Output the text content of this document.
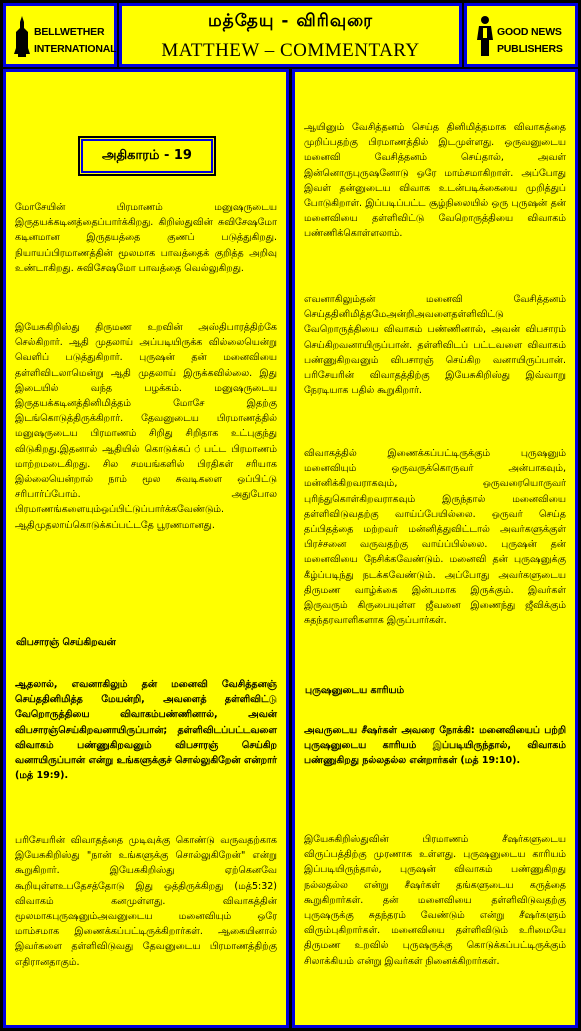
BELLWETHER
INTERNATIONAL
மத்தேயு - விரிவுரை
MATTHEW – COMMENTARY
GOOD NEWS
PUBLISHERS
அதிகாரம் - 19

மோசேயின் பிரமாணம் மனுஷருடைய இருதயக்கடினத்தைப்பார்க்கிறது. கிறிஸ்துவின் சுவிசேஷமோ கடினமான இருதயத்தை குணப் படுத்துகிறது. நியாயப்பிரமாணத்தின் மூலமாக பாவத்தைக் குறித்த அறிவு உண்டாகிறது. சுவிசேஷமோ பாவத்தை வெல்லுகிறது.

இயேசுகிறிஸ்து திருமண உறவின் அஸ்திபாரத்திற்கே செல்கிறார். ஆதி முதலாய் அப்படியிருக்க வில்லையென்று வெளிப் படுத்துகிறார். புருஷன் தன் மனைவியை தள்ளிவிடலாமென்று ஆதி முதலாய் இருக்கவில்லை. இது இடையில் வந்த பழக்கம். மனுஷருடைய இருதயக்கடினத்தினிமித்தம் மோசே இதற்கு இடங்கொடுத்திருக்கிறார். தேவனுடைய பிரமாணத்தில் மனுஷருடைய பிரமாணம் சிறிது சிறிதாக உட்புகுந்து விடுகிறது.இதனால் ஆதியில் கொடுக்கப் ்பட்ட பிரமாணம் மாற்றமடைகிறது. சில சமயங்களில் பிரதிகள் சரியாக இல்லையென்றால் நாம் மூல சுவடிகளை ஒப்பிட்டு சரிபார்ப்போம். அதுபோல பிரமாணங்களையும்ஒப்பிட்டுப்பார்க்கவேண்டும். ஆதிமுதலாய்கொடுக்கப்பட்டதே பூரணமானது.

விபசாரஞ் செய்கிறவன்

ஆதலால், எவனாகிலும் தன் மனைவி வேசித்தனஞ் செய்ததினிமித்த மேயன்றி, அவளைத் தள்ளிவிட்டு வேறொருத்தியை விவாகம்பண்ணினால், அவன் விபசாரஞ்செய்கிறவனாயிருப்பான்; தள்ளிவிடப்பட்டவளை விவாகம் பண்ணுகிறவனும் விபசாரஞ் செய்கிற வனாயிருப்பான் என்று உங்களுக்குச் சொல்லுகிறேன் என்றார் (மத் 19:9).

பரிசேயரின் விவாதத்தை முடிவுக்கு கொண்டு வருவதற்காக இயேசுகிறிஸ்து "நான் உங்களுக்கு சொல்லுகிறேன்" என்று கூறுகிறார். இயேசுகிறிஸ்து ஏற்கெனவே கூறியுள்ளஉபதேசத்தோடு இது ஒத்திருக்கிறது (மத்5:32) விவாகம் கனமுள்ளது. விவாகத்தின் மூலமாகபுருஷனும்அவனுடைய மனைவியும் ஒரே மாம்சமாக இணைக்கப்பட்டிருக்கிறார்கள். ஆகையினால் இவர்களை தள்ளிவிடுவது தேவனுடைய பிரமாணத்திற்கு எதிரானதாகும்.

ஆயினும் வேசித்தனம் செய்த தினிமித்தமாக விவாகத்தை முறிப்பதற்கு பிரமாணத்தில் இடமுள்ளது. ஒருவனுடைய மனைவி வேசித்தனம் செய்தால், அவள் இன்னொருபுருஷனோடு ஒரே மாம்சமாகிறாள். அப்போது இவள் தன்னுடைய விவாக உடன்படிக்கையை முறித்துப் போடுகிறாள். இப்படிப்பட்ட சூழ்நிலையில் ஒரு புருஷன் தன் மனைவியை தள்ளிவிட்டு வேறொருத்தியை விவாகம் பண்ணிக்கொள்ளலாம்.

எவனாகிலும்தன் மனைவி வேசித்தனம் செய்ததினிமித்தமேஅன்றிஅவளைதள்ளிவிட்டு வேறொருத்தியை விவாகம் பண்ணினால், அவன் விபசாரம் செய்கிறவனாயிருப்பான். தள்ளிவிடப் பட்டவளை விவாகம் பண்ணுகிறவனும் விபசாரஞ் செய்கிற வனாயிருப்பான். பரிசேயரின் விவாதத்திற்கு இயேசுகிறிஸ்து இவ்வாறு நேரடியாக பதில் கூறுகிறார்.

விவாகத்தில் இணைக்கப்பட்டிருக்கும் புருஷனும் மனைவியும் ஒருவருக்கொருவர் அன்பாகவும், மன்னிக்கிறவராகவும், ஒருவரையொருவர் புரிந்துகொள்கிறவராகவும் இருந்தால் மனைவியை தள்ளிவிடுவதற்கு வாய்ப்பேயில்லை. ஒருவர் செய்த தப்பிதத்தை மற்றவர் மன்னித்துவிட்டால் அவர்களுக்குள் பிரச்சனை வருவதற்கு வாய்ப்பில்லை. புருஷன் தன் மனைவியை நேசிக்கவேண்டும். மனைவி தன் புருஷனுக்கு கீழ்ப்படிந்து நடக்கவேண்டும். அப்போது அவர்களுடைய திருமண வாழ்க்கை இன்பமாக இருக்கும். இவர்கள் இருவரும் கிருபையுள்ள ஜீவனை இணைந்து ஜீவிக்கும் சுதந்தரவாளிகளாக இருப்பார்கள்.

புருஷனுடைய காரியம்

அவருடைய சீஷர்கள் அவரை நோக்கி: மனைவியைப் பற்றி புருஷனுடைய காரியம் இப்படியிருந்தால், விவாகம் பண்ணுகிறது நல்லதல்ல என்றார்கள் (மத் 19:10).

இயேசுகிறிஸ்துவின் பிரமாணம் சீஷர்களுடைய விருப்பத்திற்கு முரணாக உள்ளது. புருஷனுடைய காரியம் இப்படியிருந்தால், புருஷன் விவாகம் பண்ணுகிறது நல்லதல்ல என்று சீஷர்கள் தங்களுடைய கருத்தை கூறுகிறார்கள். தன் மனைவியை தள்ளிவிடுவதற்கு புருஷருக்கு சுதந்தரம் வேண்டும் என்று சீஷர்களும் விரும்புகிறார்கள். மனைவியை தள்ளிவிடும் உரிமையே திருமண உறவில் புருஷருக்கு கொடுக்கப்பட்டிருக்கும் சிலாக்கியம் என்று இவர்கள் நினைக்கிறார்கள்.
